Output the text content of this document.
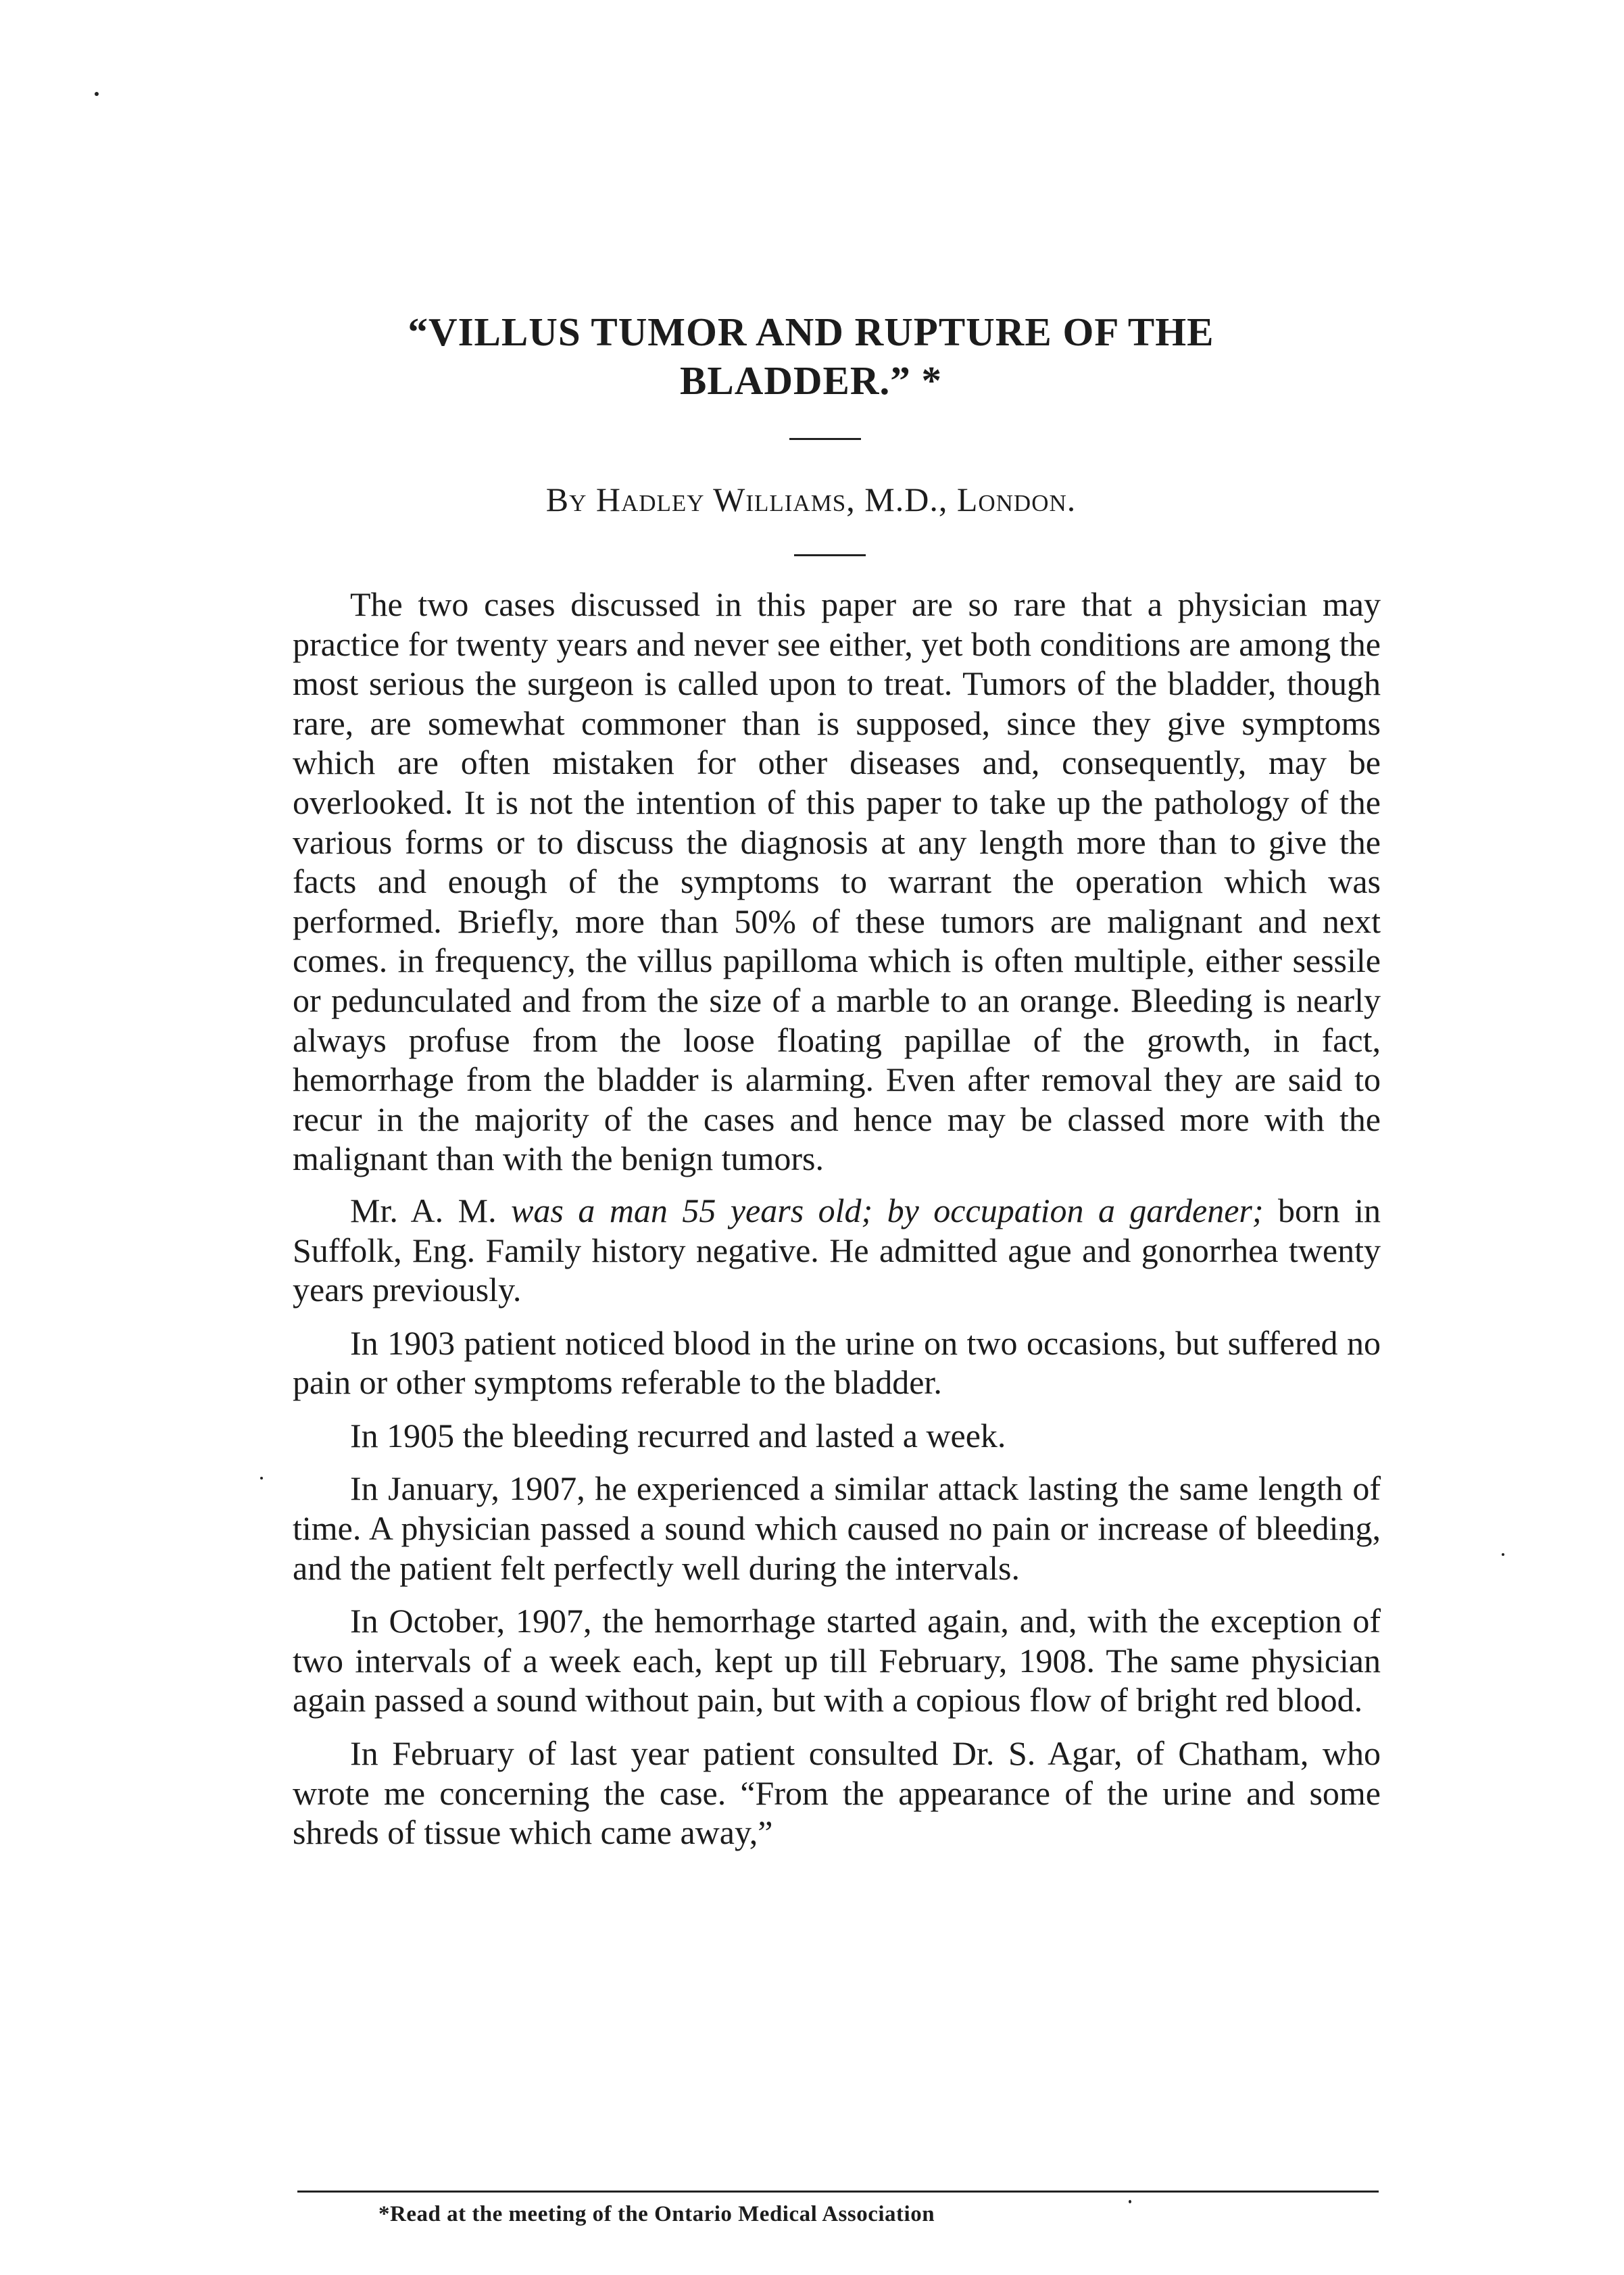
“VILLUS TUMOR AND RUPTURE OF THE
BLADDER.” *
By Hadley Williams, M.D., London.

The two cases discussed in this paper are so rare that a physician may practice for twenty years and never see either, yet both conditions are among the most serious the surgeon is called upon to treat. Tumors of the bladder, though rare, are somewhat commoner than is supposed, since they give symptoms which are often mistaken for other diseases and, consequently, may be overlooked. It is not the intention of this paper to take up the pathology of the various forms or to discuss the diagnosis at any length more than to give the facts and enough of the symptoms to warrant the operation which was performed. Briefly, more than 50% of these tumors are malignant and next comes. in frequency, the villus papilloma which is often multiple, either sessile or pedunculated and from the size of a marble to an orange. Bleeding is nearly always profuse from the loose floating papillae of the growth, in fact, hemorrhage from the bladder is alarming. Even after removal they are said to recur in the majority of the cases and hence may be classed more with the malignant than with the benign tumors.

Mr. A. M. was a man 55 years old; by occupation a gardener; born in Suffolk, Eng. Family history negative. He admitted ague and gonorrhea twenty years previously.

In 1903 patient noticed blood in the urine on two occasions, but suffered no pain or other symptoms referable to the bladder.

In 1905 the bleeding recurred and lasted a week.

In January, 1907, he experienced a similar attack lasting the same length of time. A physician passed a sound which caused no pain or increase of bleeding, and the patient felt perfectly well during the intervals.

In October, 1907, the hemorrhage started again, and, with the exception of two intervals of a week each, kept up till February, 1908. The same physician again passed a sound without pain, but with a copious flow of bright red blood.

In February of last year patient consulted Dr. S. Agar, of Chatham, who wrote me concerning the case. “From the appearance of the urine and some shreds of tissue which came away,”

*Read at the meeting of the Ontario Medical Association
